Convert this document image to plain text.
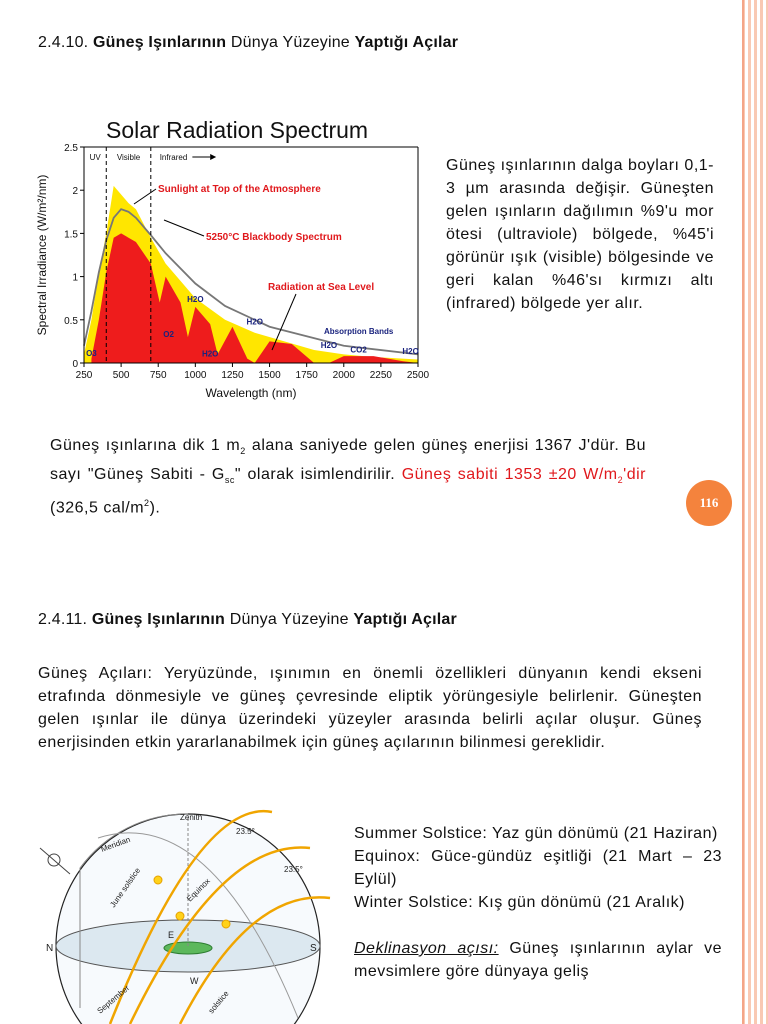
2.4.10. Güneş Işınlarının Dünya Yüzeyine Yaptığı Açılar
Solar Radiation Spectrum
0
0.5
1
1.5
2
2.5
250 500 750 1000 1250 1500 1750 2000 2250 2500
Wavelength (nm)
Spectral Irradiance (W/m²/nm)
UV Visible Infrared
Sunlight at Top of the Atmosphere
5250°C Blackbody Spectrum
Radiation at Sea Level
Absorption Bands
O3
O2
H2O
H2O
H2O
H2O CO2	H2O
Güneş ışınlarının dalga boyları 0,1-3 µm arasında değişir. Güneşten gelen ışınların dağılımın %9'u mor ötesi (ultraviole) bölgede, %45'i görünür ışık (visible) bölgesinde ve geri kalan %46'sı kırmızı altı (infrared) bölgede yer alır.
Güneş ışınlarına dik 1 $m_2$ alana saniyede gelen güneş enerjisi 1367 J'dür. Bu sayı "Güneş Sabiti - $G_{sc}$" olarak isimlendirilir. Güneş sabiti 1353 ±20 $W/m_2'dir$ (326,5 cal/$m^2$).	116
2.4.11. Güneş Işınlarının Dünya Yüzeyine Yaptığı Açılar
Güneş Açıları: Yeryüzünde, ışınımın en önemli özellikleri dünyanın kendi ekseni etrafında dönmesiyle ve güneş çevresinde eliptik yörüngesiyle belirlenir. Güneşten gelen ışınlar ile dünya üzerindeki yüzeyler arasında belirli açılar oluşur. Güneş enerjisinden etkin yararlanabilmek için güneş açılarının bilinmesi gereklidir.
Zenith
Meridian
June solstice	Equinox
23.5°
23.5°
N	S
E
W
September	solstice
Summer Solstice: Yaz gün dönümü (21 Haziran)
Equinox: Güce-gündüz eşitliği (21 Mart – 23 Eylül)
Winter Solstice: Kış gün dönümü (21 Aralık)
Deklinasyon açısı: Güneş ışınlarının aylar ve mevsimlere göre dünyaya geliş
